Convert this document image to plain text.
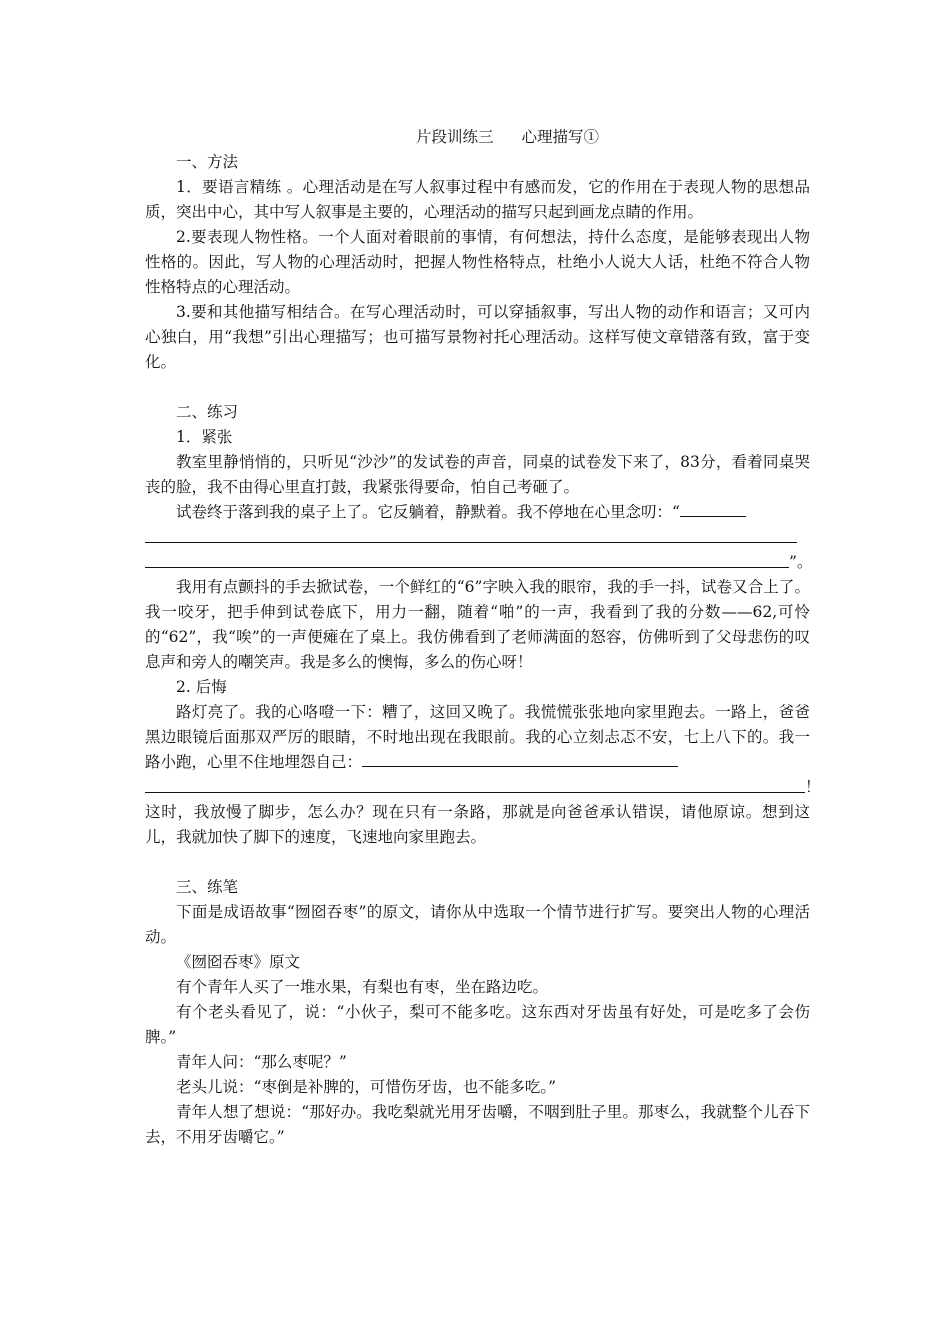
片段训练三 心理描写①

一、方法

1．要语言精练 。心理活动是在写人叙事过程中有感而发，它的作用在于表现人物的思想品质，突出中心，其中写人叙事是主要的，心理活动的描写只起到画龙点睛的作用。

2.要表现人物性格。一个人面对着眼前的事情，有何想法，持什么态度，是能够表现出人物性格的。因此，写人物的心理活动时，把握人物性格特点，杜绝小人说大人话，杜绝不符合人物性格特点的心理活动。

3.要和其他描写相结合。在写心理活动时，可以穿插叙事，写出人物的动作和语言；又可内心独白，用“我想”引出心理描写；也可描写景物衬托心理活动。这样写使文章错落有致，富于变化。

二、练习

1．紧张

教室里静悄悄的，只听见“沙沙”的发试卷的声音，同桌的试卷发下来了，83分，看着同桌哭丧的脸，我不由得心里直打鼓，我紧张得要命，怕自己考砸了。

试卷终于落到我的桌子上了。它反躺着，静默着。我不停地在心里念叨：“

”。

我用有点颤抖的手去掀试卷，一个鲜红的“6”字映入我的眼帘，我的手一抖，试卷又合上了。我一咬牙，把手伸到试卷底下，用力一翻，随着“啪”的一声，我看到了我的分数——62,可怜的“62”，我“唉”的一声便瘫在了桌上。我仿佛看到了老师满面的怒容，仿佛听到了父母悲伤的叹息声和旁人的嘲笑声。我是多么的懊悔，多么的伤心呀！

2. 后悔

路灯亮了。我的心咯噔一下：糟了，这回又晚了。我慌慌张张地向家里跑去。一路上，爸爸黑边眼镜后面那双严厉的眼睛，不时地出现在我眼前。我的心立刻忐忑不安，七上八下的。我一路小跑，心里不住地埋怨自己：

！

这时，我放慢了脚步，怎么办？现在只有一条路，那就是向爸爸承认错误，请他原谅。想到这儿，我就加快了脚下的速度，飞速地向家里跑去。

三、练笔

下面是成语故事“囫囵吞枣”的原文，请你从中选取一个情节进行扩写。要突出人物的心理活动。

《囫囵吞枣》原文

有个青年人买了一堆水果，有梨也有枣，坐在路边吃。

有个老头看见了，说：“小伙子，梨可不能多吃。这东西对牙齿虽有好处，可是吃多了会伤脾。”

青年人问：“那么枣呢？”

老头儿说：“枣倒是补脾的，可惜伤牙齿，也不能多吃。”

青年人想了想说：“那好办。我吃梨就光用牙齿嚼，不咽到肚子里。那枣么，我就整个儿吞下去，不用牙齿嚼它。”
